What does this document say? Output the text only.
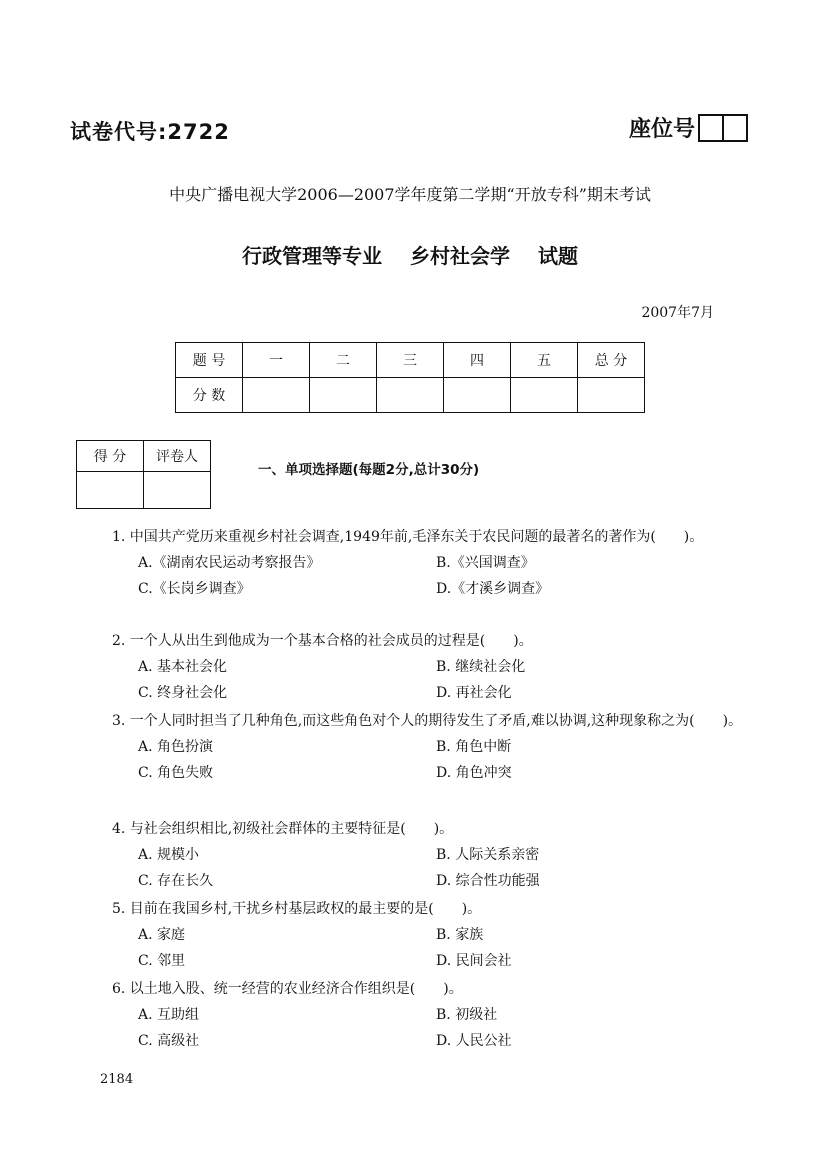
试卷代号:2722	座位号
中央广播电视大学2006—2007学年度第二学期“开放专科”期末考试
行政管理等专业 乡村社会学 试题
2007年7月
题 号	一	二	三	四	五	总 分
分 数						
得 分	评卷人

一、单项选择题(每题2分,总计30分)
1. 中国共产党历来重视乡村社会调查,1949年前,毛泽东关于农民问题的最著名的著作为(　　)。
A.《湖南农民运动考察报告》	B.《兴国调查》
C.《长岗乡调查》	D.《才溪乡调查》
2. 一个人从出生到他成为一个基本合格的社会成员的过程是(　　)。
A. 基本社会化	B. 继续社会化
C. 终身社会化	D. 再社会化
3. 一个人同时担当了几种角色,而这些角色对个人的期待发生了矛盾,难以协调,这种现象称之为(　　)。
A. 角色扮演	B. 角色中断
C. 角色失败	D. 角色冲突
4. 与社会组织相比,初级社会群体的主要特征是(　　)。
A. 规模小	B. 人际关系亲密
C. 存在长久	D. 综合性功能强
5. 目前在我国乡村,干扰乡村基层政权的最主要的是(　　)。
A. 家庭	B. 家族
C. 邻里	D. 民间会社
6. 以土地入股、统一经营的农业经济合作组织是(　　)。
A. 互助组	B. 初级社
C. 高级社	D. 人民公社
2184
